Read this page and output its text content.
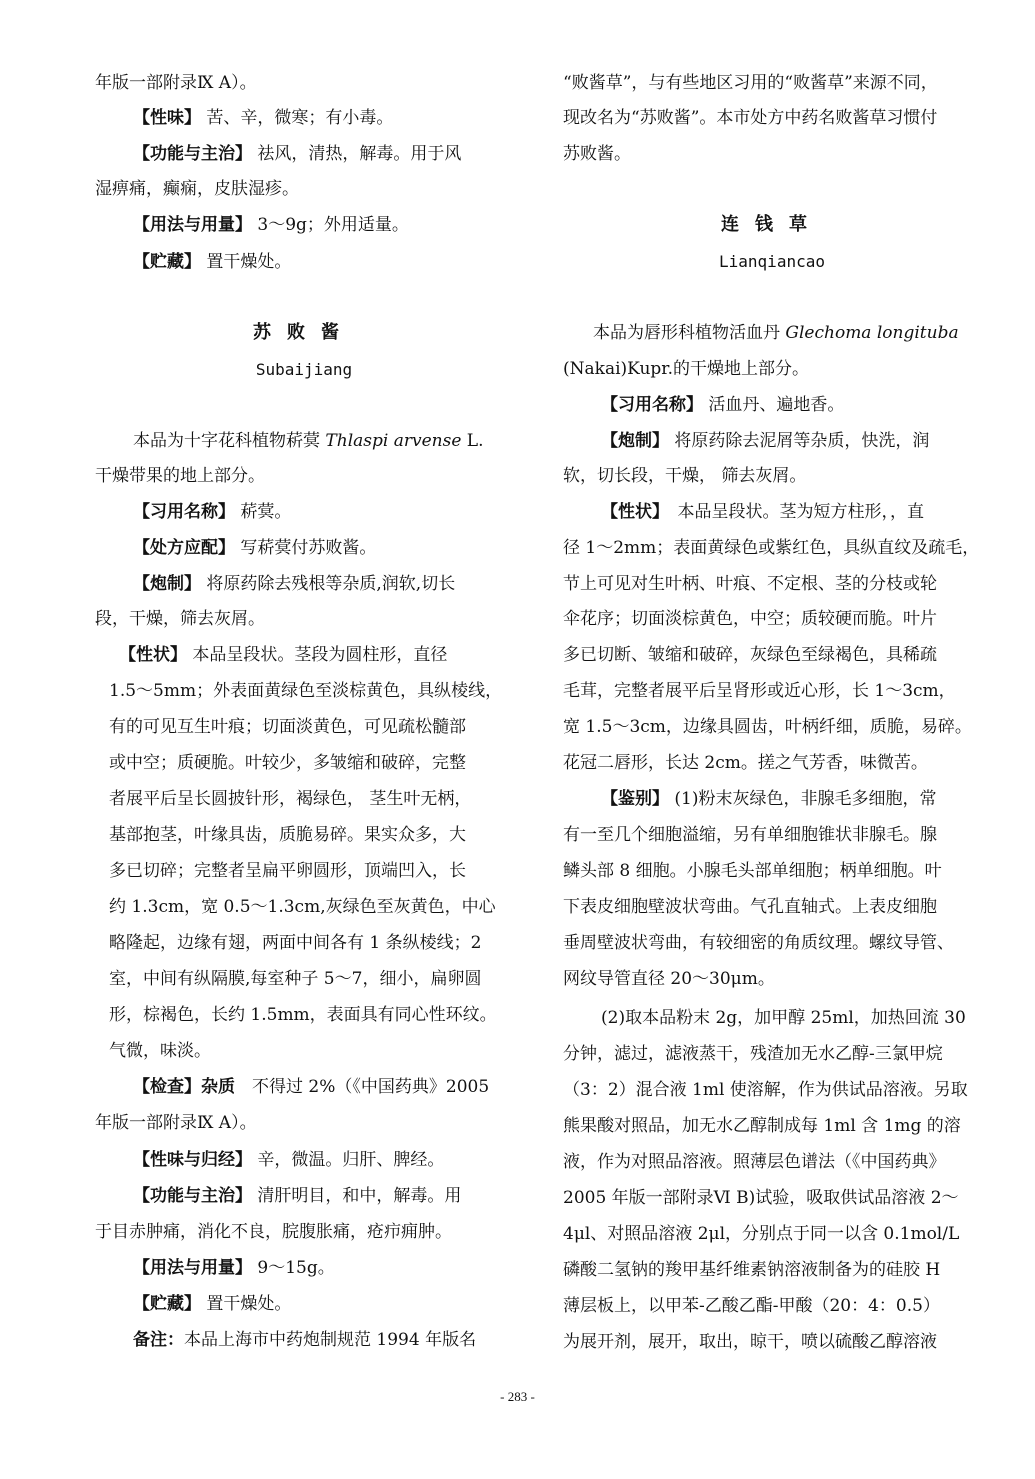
年版一部附录Ⅸ A）。
【性味】 苦、辛，微寒；有小毒。
【功能与主治】 祛风，清热，解毒。用于风
湿痹痛，癫痫，皮肤湿疹。
【用法与用量】 3～9g；外用适量。
【贮藏】 置干燥处。
苏败酱
Subaijiang
本品为十字花科植物菥蓂 Thlaspi arvense L.
干燥带果的地上部分。
【习用名称】 菥蓂。
【处方应配】 写菥蓂付苏败酱。
【炮制】 将原药除去残根等杂质,润软,切长
段，干燥，筛去灰屑。
【性状】 本品呈段状。茎段为圆柱形，直径
1.5～5mm；外表面黄绿色至淡棕黄色，具纵棱线，
有的可见互生叶痕；切面淡黄色，可见疏松髓部
或中空；质硬脆。叶较少，多皱缩和破碎，完整
者展平后呈长圆披针形，褐绿色， 茎生叶无柄，
基部抱茎，叶缘具齿，质脆易碎。果实众多，大
多已切碎；完整者呈扁平卵圆形，顶端凹入，长
约 1.3cm，宽 0.5～1.3cm,灰绿色至灰黄色，中心
略隆起，边缘有翅，两面中间各有 1 条纵棱线；2
室，中间有纵隔膜,每室种子 5～7，细小，扁卵圆
形，棕褐色，长约 1.5mm，表面具有同心性环纹。
气微，味淡。
【检查】杂质　不得过 2%（《中国药典》2005
年版一部附录Ⅸ A）。
【性味与归经】 辛，微温。归肝、脾经。
【功能与主治】 清肝明目，和中，解毒。用
于目赤肿痛，消化不良，脘腹胀痛，疮疖痈肿。
【用法与用量】 9～15g。
【贮藏】 置干燥处。
备注：本品上海市中药炮制规范 1994 年版名
“败酱草”，与有些地区习用的“败酱草”来源不同，
现改名为“苏败酱”。本市处方中药名败酱草习惯付
苏败酱。
连钱草
Lianqiancao
本品为唇形科植物活血丹 Glechoma longituba
(Nakai)Kupr.的干燥地上部分。
【习用名称】 活血丹、遍地香。
【炮制】 将原药除去泥屑等杂质，快洗，润
软，切长段，干燥， 筛去灰屑。
【性状】　本品呈段状。茎为短方柱形，，直
径 1～2mm；表面黄绿色或紫红色，具纵直纹及疏毛，
节上可见对生叶柄、叶痕、不定根、茎的分枝或轮
伞花序；切面淡棕黄色，中空；质较硬而脆。叶片
多已切断、皱缩和破碎，灰绿色至绿褐色，具稀疏
毛茸，完整者展平后呈肾形或近心形，长 1～3cm，
宽 1.5～3cm，边缘具圆齿，叶柄纤细，质脆，易碎。
花冠二唇形，长达 2cm。搓之气芳香，味微苦。
【鉴别】 (1)粉末灰绿色，非腺毛多细胞，常
有一至几个细胞溢缩，另有单细胞锥状非腺毛。腺
鳞头部 8 细胞。小腺毛头部单细胞；柄单细胞。叶
下表皮细胞壁波状弯曲。气孔直轴式。上表皮细胞
垂周壁波状弯曲，有较细密的角质纹理。螺纹导管、
网纹导管直径 20～30μm。
(2)取本品粉末 2g，加甲醇 25ml，加热回流 30
分钟，滤过，滤液蒸干，残渣加无水乙醇-三氯甲烷
（3：2）混合液 1ml 使溶解，作为供试品溶液。另取
熊果酸对照品，加无水乙醇制成每 1ml 含 1mg 的溶
液，作为对照品溶液。照薄层色谱法（《中国药典》
2005 年版一部附录Ⅵ B)试验，吸取供试品溶液 2～
4μl、对照品溶液 2μl，分别点于同一以含 0.1mol/L
磷酸二氢钠的羧甲基纤维素钠溶液制备为的硅胶 H
薄层板上，以甲苯-乙酸乙酯-甲酸（20：4：0.5）
为展开剂，展开，取出，晾干，喷以硫酸乙醇溶液
- 283 -
